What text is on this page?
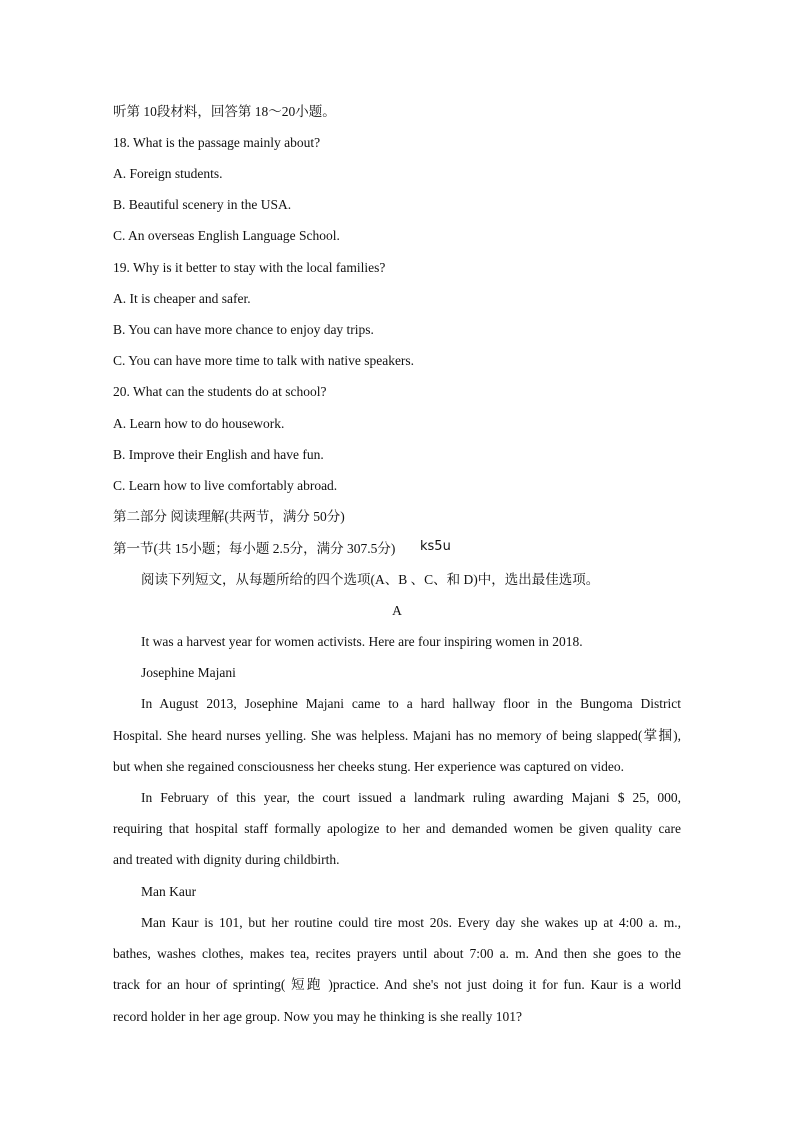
听第 10段材料，回答第 18～20小题。
18. What is the passage mainly about?
A. Foreign students.
B. Beautiful scenery in the USA.
C. An overseas English Language School.
19. Why is it better to stay with the local families?
A. It is cheaper and safer.
B. You can have more chance to enjoy day trips.
C. You can have more time to talk with native speakers.
20. What can the students do at school?
A. Learn how to do housework.
B. Improve their English and have fun.
C. Learn how to live comfortably abroad.
第二部分 阅读理解(共两节，满分 50分)
第一节(共 15小题；每小题 2.5分，满分 307.5分) ks5u
阅读下列短文，从每题所给的四个选项(A、B 、C、和 D)中，选出最佳选项。
A
It was a harvest year for women activists. Here are four inspiring women in 2018.
Josephine Majani
In August 2013, Josephine Majani came to a hard hallway floor in the Bungoma District
Hospital. She heard nurses yelling. She was helpless. Majani has no memory of being slapped(掌掴),
but when she regained consciousness her cheeks stung. Her experience was captured on video.
In February of this year, the court issued a landmark ruling awarding Majani $ 25, 000,
requiring that hospital staff formally apologize to her and demanded women be given quality care
and treated with dignity during childbirth.
Man Kaur
Man Kaur is 101, but her routine could tire most 20s. Every day she wakes up at 4:00 a. m.,
bathes, washes clothes, makes tea, recites prayers until about 7:00 a. m. And then she goes to the
track for an hour of sprinting( 短跑 )practice. And she's not just doing it for fun. Kaur is a world
record holder in her age group. Now you may he thinking is she really 101?
